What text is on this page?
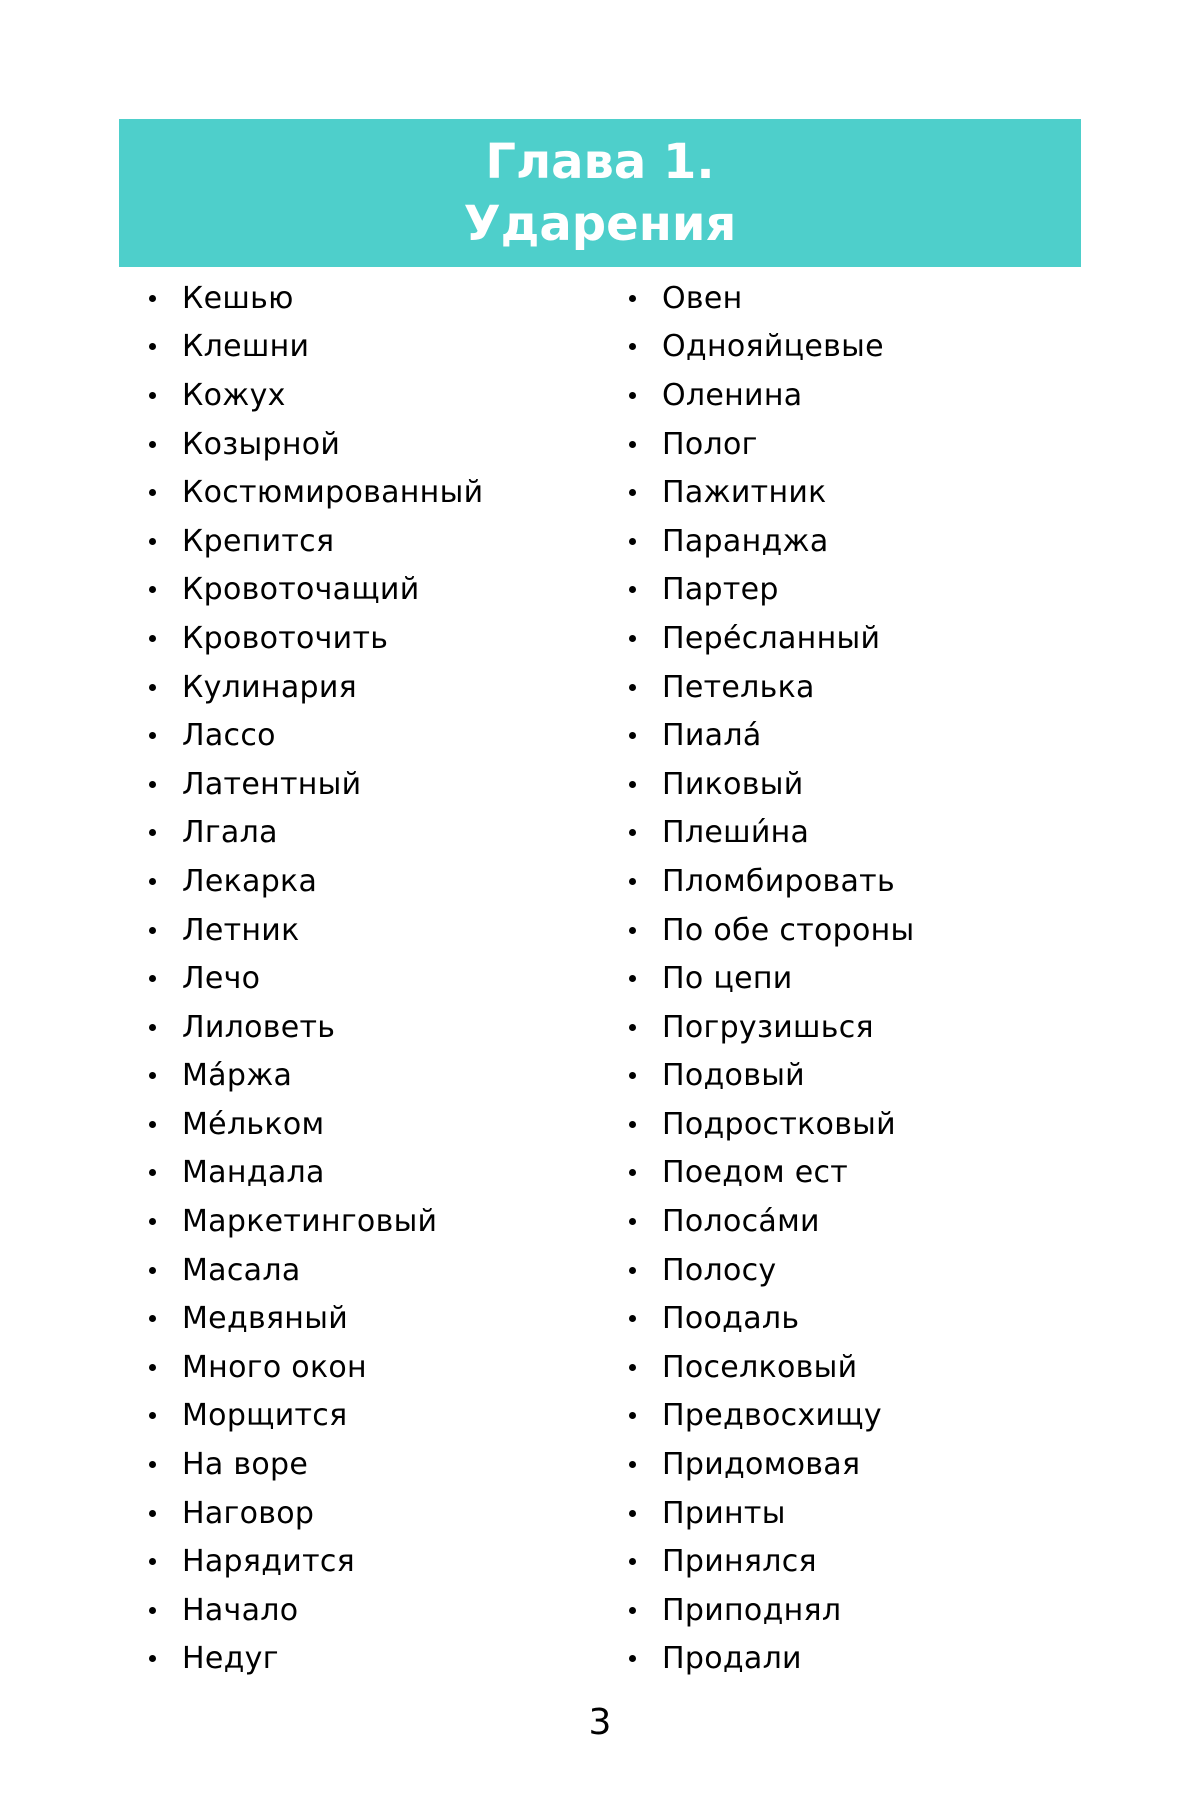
Глава 1.
Ударения
Кешью
Клешни
Кожух
Козырной
Костюмированный
Крепится
Кровоточащий
Кровоточить
Кулинария
Лассо
Латентный
Лгала
Лекарка
Летник
Лечо
Лиловеть
Ма́ржа
Ме́льком
Мандала
Маркетинговый
Масала
Медвяный
Много окон
Морщится
На воре
Наговор
Нарядится
Начало
Недуг
Овен
Однояйцевые
Оленина
Полог
Пажитник
Паранджа
Партер
Пере́сланный
Петелька
Пиала́
Пиковый
Плеши́на
Пломбировать
По обе стороны
По цепи
Погрузишься
Подовый
Подростковый
Поедом ест
Полоса́ми
Полосу
Поодаль
Поселковый
Предвосхищу
Придомовая
Принты
Принялся
Приподнял
Продали
3
